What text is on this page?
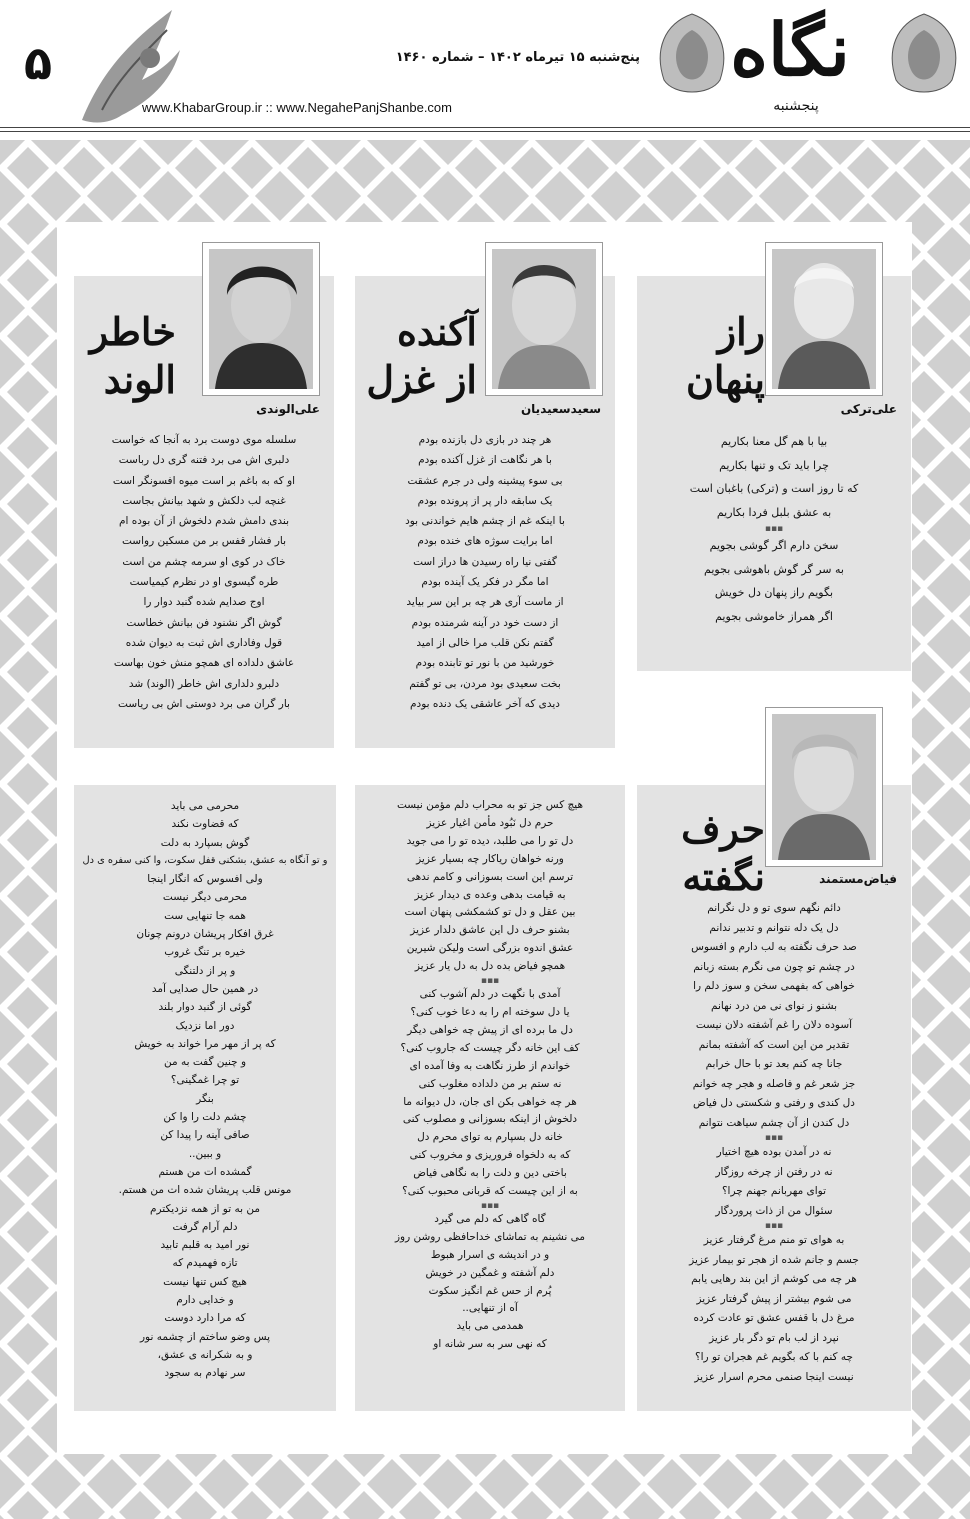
۵	پنج‌شنبه ۱۵ تیرماه ۱۴۰۲ – شماره ۱۴۶۰
www.KhabarGroup.ir :: www.NegahePanjShanbe.com
نگاه
پنجشنبه
راز
پنهان
علی‌ترکی
بیا با هم گل معنا بکاریم
چرا باید تک و تنها بکاریم
که تا روز است و (ترکی) باغبان است
به عشق بلبل فردا بکاریم
▪▪▪
سخن دارم اگر گوشی بجویم
به سر گر گوش باهوشی بجویم
بگویم راز پنهان دل خویش
اگر همراز خاموشی بجویم
آکنده
از غزل
سعیدسعیدیان
هر چند در بازی دل بازنده بودم
با هر نگاهت از غزل آکنده بودم
بی سوء پیشینه ولی در جرم عشقت
یک سابقه دار پر از پرونده بودم
با اینکه غم از چشم هایم خواندنی بود
اما برایت سوژه های خنده بودم
گفتی نیا راه رسیدن ها دراز است
اما مگر در فکر یک آینده بودم
از ماست آری هر چه بر این سر بیاید
از دست خود در آینه شرمنده بودم
گفتم نکن قلب مرا خالی از امید
خورشید من با نور تو تابنده بودم
بخت سعیدی بود مردن، بی تو گفتم
دیدی که آخر عاشقی یک دنده بودم
خاطر
الوند
علی‌الوندی
سلسله موی دوست برد به آنجا که خواست
دلبری اش می برد فتنه گری دل رباست
او که به باغم بر است میوه افسونگر است
غنچه لب دلکش و شهد بیانش بجاست
بندی دامش شدم دلخوش از آن بوده ام
بار فشار قفس بر من مسکین رواست
خاک در کوی او سرمه چشم من است
طره گیسوی او در نظرم کیمیاست
اوج صدایم شده گنبد دوار را
گوش اگر نشنود فن بیانش خطاست
قول وفاداری اش ثبت به دیوان شده
عاشق دلداده ای همچو منش خون بهاست
دلبرو دلداری اش خاطر (الوند) شد
بار گران می برد دوستی اش بی ریاست
حرف
نگفته	فیاض‌مستمند
دائم نگهم سوی تو و دل نگرانم
دل یک دله نتوانم و تدبیر ندانم
صد حرف نگفته به لب دارم و افسوس
در چشم تو چون می نگرم بسته زبانم
خواهی که بفهمی سخن و سوز دلم را
بشنو ز نوای نی من درد نهانم
آسوده دلان را غم آشفته دلان نیست
تقدیر من این است که آشفته بمانم
جانا چه کنم بعد تو با حال خرابم
جز شعر غم و فاصله و هجر چه خوانم
دل کندی و رفتی و شکستی دل فیاض
دل کندن از آن چشم سیاهت نتوانم
▪▪▪
نه در آمدن بوده هیچ اختیار
نه در رفتن از چرخه روزگار
توای مهربانم جهنم چرا؟
سئوال من از ذات پروردگار
▪▪▪
به هوای تو منم مرغ گرفتار عزیز
جسم و جانم شده از هجر تو بیمار عزیز
هر چه می کوشم از این بند رهایی یابم
می شوم بیشتر از پیش گرفتار عزیز
مرغ دل با قفس عشق تو عادت کرده
نپرد از لب بام تو دگر بار عزیز
چه کنم با که بگویم غم هجران تو را؟
نیست اینجا صنمی محرم اسرار عزیز
هیچ کس جز تو به محراب دلم مؤمن نیست
حرم دل نَبُود مأمن اغیار عزیز
دل تو را می طلبد، دیده تو را می جوید
ورنه خواهان ریاکار چه بسیار عزیز
ترسم این است بسوزانی و کامم ندهی
به قیامت بدهی وعده ی دیدار عزیز
بین عقل و دل تو کشمکشی پنهان است
بشنو حرف دل این عاشق دلدار عزیز
عشق اندوه بزرگی است ولیکن شیرین
همچو فیاض بده دل به دل یار عزیز
▪▪▪
آمدی با نگهت در دلم آشوب کنی
یا دل سوخته ام را به دعا خوب کنی؟
دل ما برده ای از پیش چه خواهی دیگر
کف این خانه دگر چیست که جاروب کنی؟
خواندم از طرز نگاهت به وفا آمده ای
نه ستم بر من دلداده مغلوب کنی
هر چه خواهی بکن ای جان، دل دیوانه ما
دلخوش از اینکه بسوزانی و مصلوب کنی
خانه دل بسپارم به توای محرم دل
که به دلخواه فروریزی و مخروب کنی
باختی دین و دلت را به نگاهی فیاض
به از این چیست که قربانی محبوب کنی؟
▪▪▪
گاه گاهی که دلم می گیرد
می نشینم به تماشای خداحافظی روشن روز
و در اندیشه ی اسرار هبوط
دلم آشفته و غمگین در خویش
پُرم از حس غم انگیز سکوت
آه از تنهایی..
همدمی می باید
که نهی سر به سر شانه او
محرمی می باید
که قضاوت نکند
گوش بسپارد به دلت
و تو آنگاه به عشق، بشکنی قفل سکوت، وا کنی سفره ی دل
ولی افسوس که انگار اینجا
محرمی دیگر نیست
همه جا تنهایی ست
غرق افکار پریشان درونم چونان
خیره بر تنگ غروب
و پر از دلتنگی
در همین حال صدایی آمد
گوئی از گنبد دوار بلند
دور اما نزدیک
که پر از مهر مرا خواند به خویش
و چنین گفت به من
تو چرا غمگینی؟
بنگر
چشم دلت را وا کن
صافی آینه را پیدا کن
و ببین..
گمشده ات من هستم
مونس قلب پریشان شده ات من هستم.
من به تو از همه نزدیکترم
دلم آرام گرفت
نور امید به قلبم تابید
تازه فهمیدم که
هیچ کس تنها نیست
و خدایی دارم
که مرا دارد دوست
پس وضو ساختم از چشمه نور
و به شکرانه ی عشق،
سر نهادم به سجود
